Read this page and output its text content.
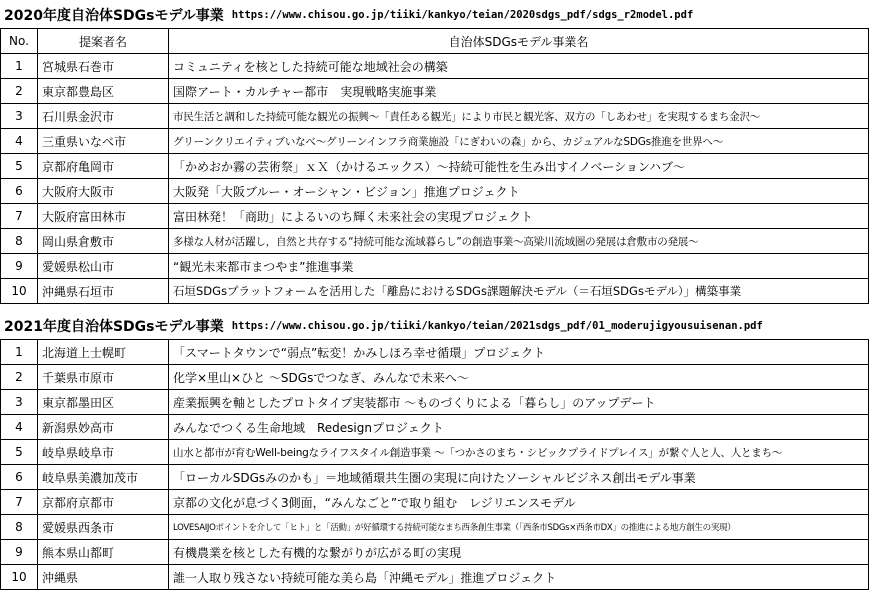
2020年度自治体SDGsモデル事業 https://www.chisou.go.jp/tiiki/kankyo/teian/2020sdgs_pdf/sdgs_r2model.pdf
No.	提案者名	自治体SDGsモデル事業名
1	宮城県石巻市	コミュニティを核とした持続可能な地域社会の構築
2	東京都豊島区	国際アート・カルチャー都市　実現戦略実施事業
3	石川県金沢市	市民生活と調和した持続可能な観光の振興～「責任ある観光」により市民と観光客、双方の「しあわせ」を実現するまち金沢～
4	三重県いなべ市	グリーンクリエイティブいなべ～グリーンインフラ商業施設「にぎわいの森」から、カジュアルなSDGs推進を世界へ～
5	京都府亀岡市	「かめおか霧の芸術祭」ｘＸ（かけるエックス）～持続可能性を生み出すイノベーションハブ～
6	大阪府大阪市	大阪発「大阪ブルー・オーシャン・ビジョン」推進プロジェクト
7	大阪府富田林市	富田林発！「商助」によるいのち輝く未来社会の実現プロジェクト
8	岡山県倉敷市	多様な人材が活躍し，自然と共存する“持続可能な流域暮らし”の創造事業～高梁川流域圏の発展は倉敷市の発展～
9	愛媛県松山市	“観光未来都市まつやま”推進事業
10	沖縄県石垣市	石垣SDGsプラットフォームを活用した「離島におけるSDGs課題解決モデル（＝石垣SDGsモデル）」構築事業
2021年度自治体SDGsモデル事業 https://www.chisou.go.jp/tiiki/kankyo/teian/2021sdgs_pdf/01_moderujigyousuisenan.pdf
1	北海道上士幌町	「スマートタウンで“弱点”転変！かみしほろ幸せ循環」プロジェクト
2	千葉県市原市	化学×里山×ひと ～SDGsでつなぎ、みんなで未来へ～
3	東京都墨田区	産業振興を軸としたプロトタイプ実装都市 ～ものづくりによる「暮らし」のアップデート
4	新潟県妙高市	みんなでつくる生命地域　Redesignプロジェクト
5	岐阜県岐阜市	山水と都市が育むWell-beingなライフスタイル創造事業 ～「つかさのまち・シビックプライドプレイス」が繋ぐ人と人、人とまち～
6	岐阜県美濃加茂市	「ローカルSDGsみのかも」＝地域循環共生圏の実現に向けたソーシャルビジネス創出モデル事業
7	京都府京都市	京都の文化が息づく3側面，“みんなごと”で取り組む　レジリエンスモデル
8	愛媛県西条市	LOVESAIJOポイントを介して「ヒト」と「活動」が好循環する持続可能なまち西条創生事業（「西条市SDGs×西条市DX」の推進による地方創生の実現）
9	熊本県山都町	有機農業を核とした有機的な繋がりが広がる町の実現
10	沖縄県	誰一人取り残さない持続可能な美ら島「沖縄モデル」推進プロジェクト
